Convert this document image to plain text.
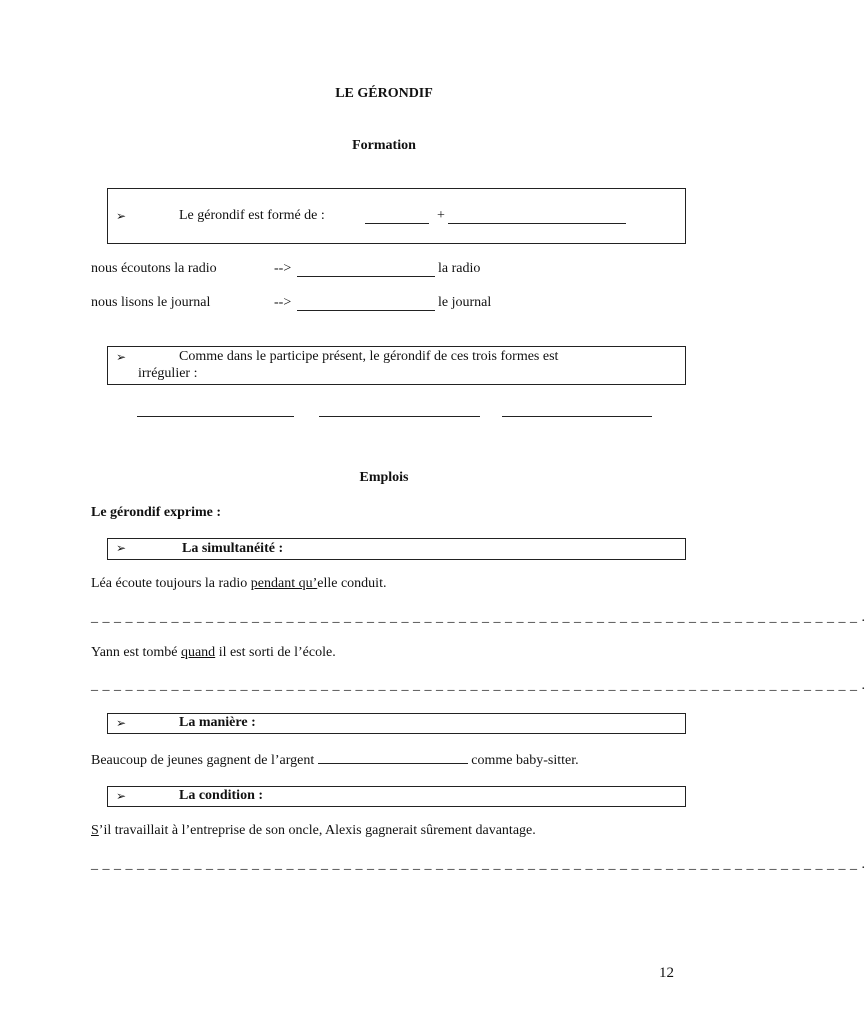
LE GÉRONDIF
Formation
➢	Le gérondif est formé de :	+
nous écoutons la radio	-->	la radio
nous lisons le journal	-->	le journal
➢	Comme dans le participe présent, le gérondif de ces trois formes est
irrégulier :
Emplois
Le gérondif exprime :
➢	La simultanéité :
Léa écoute toujours la radio pendant qu’elle conduit.
_ _ _ _ _ _ _ _ _ _ _ _ _ _ _ _ _ _ _ _ _ _ _ _ _ _ _ _ _ _ _ _ _ _ _ _ _ _ _ _ _ _ _ _ _ _ _ _ _ _ _ _ _ _ _ _ _ _ _ _ _ _ _ _ _ _ _ .
Yann est tombé quand il est sorti de l’école.
_ _ _ _ _ _ _ _ _ _ _ _ _ _ _ _ _ _ _ _ _ _ _ _ _ _ _ _ _ _ _ _ _ _ _ _ _ _ _ _ _ _ _ _ _ _ _ _ _ _ _ _ _ _ _ _ _ _ _ _ _ _ _ _ _ _ _ .
➢	La manière :
Beaucoup de jeunes gagnent de l’argent	comme baby-sitter.
➢	La condition :
S’il travaillait à l’entreprise de son oncle, Alexis gagnerait sûrement davantage.
_ _ _ _ _ _ _ _ _ _ _ _ _ _ _ _ _ _ _ _ _ _ _ _ _ _ _ _ _ _ _ _ _ _ _ _ _ _ _ _ _ _ _ _ _ _ _ _ _ _ _ _ _ _ _ _ _ _ _ _ _ _ _ _ _ _ _ .
12
